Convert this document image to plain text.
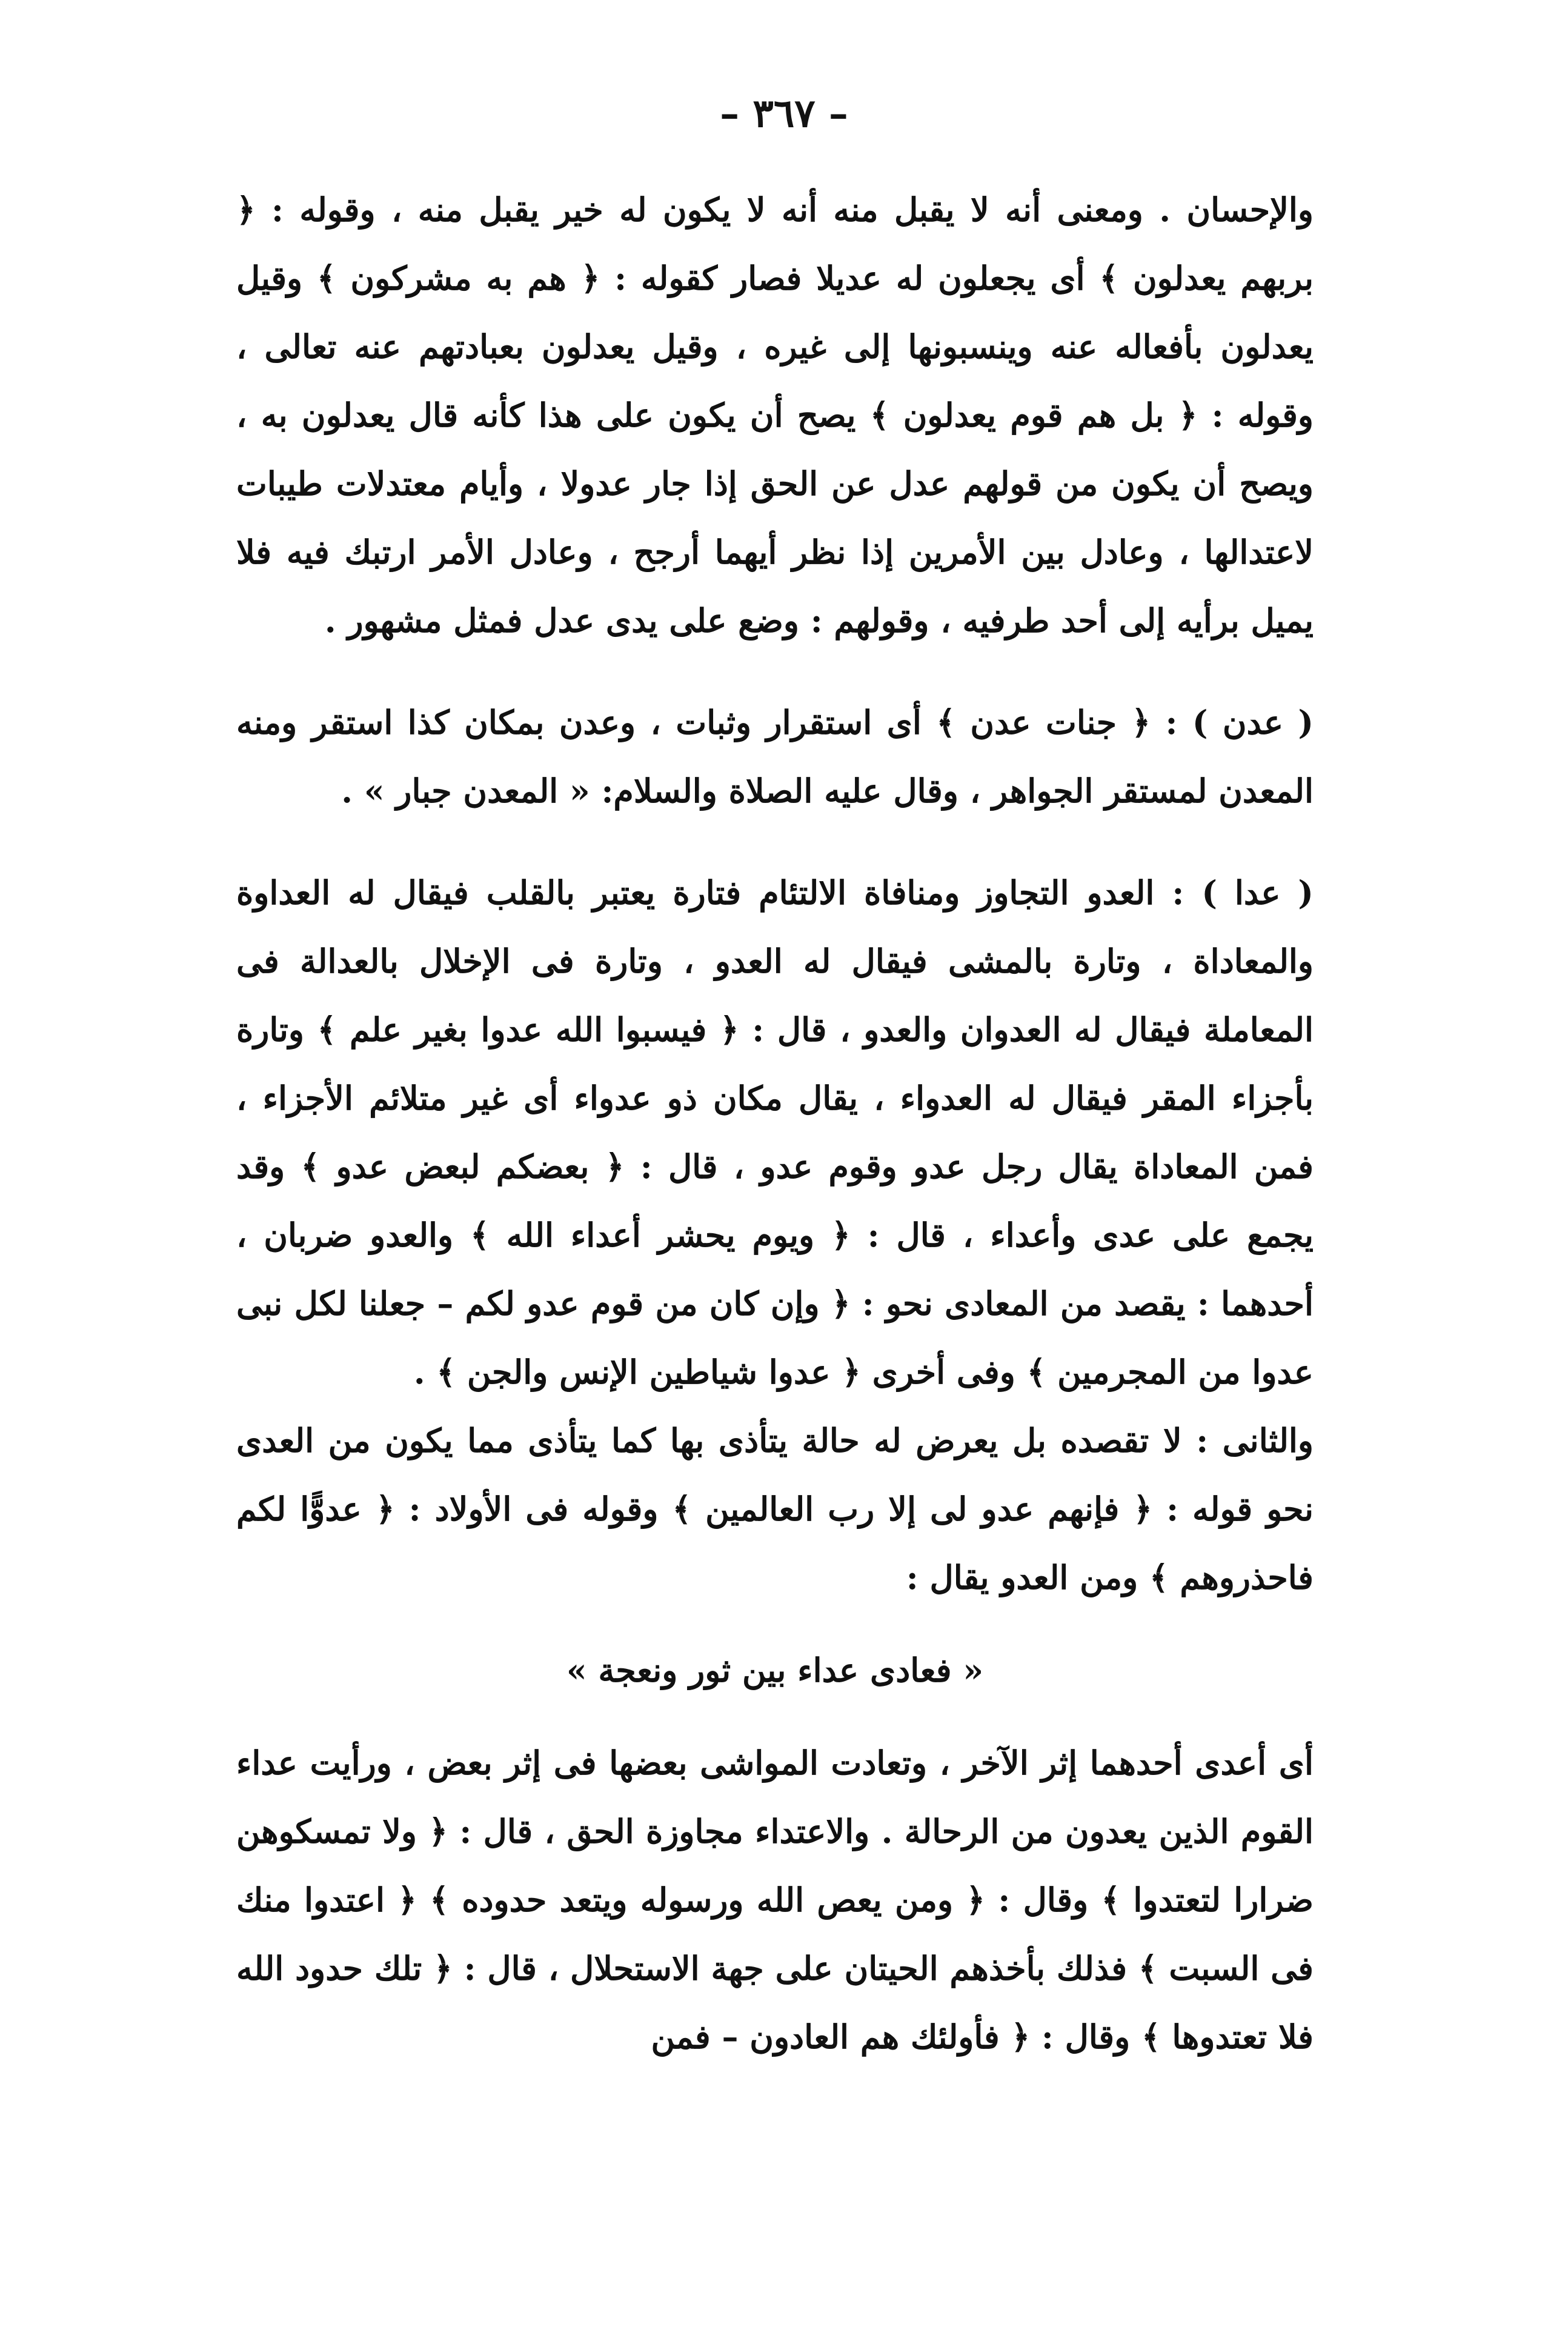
– ٣٦٧ –

والإحسان . ومعنى أنه لا يقبل منه أنه لا يكون له خير يقبل منه ، وقوله : ﴿ بربهم يعدلون ﴾ أى يجعلون له عديلا فصار كقوله : ﴿ هم به مشركون ﴾ وقيل يعدلون بأفعاله عنه وينسبونها إلى غيره ، وقيل يعدلون بعبادتهم عنه تعالى ، وقوله : ﴿ بل هم قوم يعدلون ﴾ يصح أن يكون على هذا كأنه قال يعدلون به ، ويصح أن يكون من قولهم عدل عن الحق إذا جار عدولا ، وأيام معتدلات طيبات لاعتدالها ، وعادل بين الأمرين إذا نظر أيهما أرجح ، وعادل الأمر ارتبك فيه فلا يميل برأيه إلى أحد طرفيه ، وقولهم : وضع على يدى عدل فمثل مشهور .

( عدن ) : ﴿ جنات عدن ﴾ أى استقرار وثبات ، وعدن بمكان كذا استقر ومنه المعدن لمستقر الجواهر ، وقال عليه الصلاة والسلام: « المعدن جبار » .

( عدا ) : العدو التجاوز ومنافاة الالتئام فتارة يعتبر بالقلب فيقال له العداوة والمعاداة ، وتارة بالمشى فيقال له العدو ، وتارة فى الإخلال بالعدالة فى المعاملة فيقال له العدوان والعدو ، قال : ﴿ فيسبوا الله عدوا بغير علم ﴾ وتارة بأجزاء المقر فيقال له العدواء ، يقال مكان ذو عدواء أى غير متلائم الأجزاء ، فمن المعاداة يقال رجل عدو وقوم عدو ، قال : ﴿ بعضكم لبعض عدو ﴾ وقد يجمع على عدى وأعداء ، قال : ﴿ ويوم يحشر أعداء الله ﴾ والعدو ضربان ، أحدهما : يقصد من المعادى نحو : ﴿ وإن كان من قوم عدو لكم – جعلنا لكل نبى عدوا من المجرمين ﴾ وفى أخرى ﴿ عدوا شياطين الإنس والجن ﴾ .

والثانى : لا تقصده بل يعرض له حالة يتأذى بها كما يتأذى مما يكون من العدى نحو قوله : ﴿ فإنهم عدو لى إلا رب العالمين ﴾ وقوله فى الأولاد : ﴿ عدوًّا لكم فاحذروهم ﴾ ومن العدو يقال :

« فعادى عداء بين ثور ونعجة »

أى أعدى أحدهما إثر الآخر ، وتعادت المواشى بعضها فى إثر بعض ، ورأيت عداء القوم الذين يعدون من الرحالة . والاعتداء مجاوزة الحق ، قال : ﴿ ولا تمسكوهن ضرارا لتعتدوا ﴾ وقال : ﴿ ومن يعص الله ورسوله ويتعد حدوده ﴾ ﴿ اعتدوا منك فى السبت ﴾ فذلك بأخذهم الحيتان على جهة الاستحلال ، قال : ﴿ تلك حدود الله فلا تعتدوها ﴾ وقال : ﴿ فأولئك هم العادون – فمن
